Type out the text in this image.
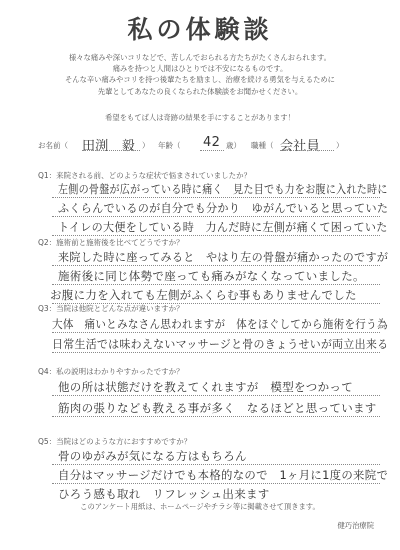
私の体験談
様々な痛みや深いコリなどで、苦しんでおられる方たちがたくさんおられます。
痛みを持つと人間はひとりでは不安になるものです。
そんな辛い痛みやコリを持つ後輩たちを励まし、治療を続ける勇気を与えるために
先輩としてあなたの良くなられた体験談をお聞かせください。
希望をもてば人は奇跡の結果を手にすることがあります！
お名前（ 田渕　毅 ） 年齢（ 42 歳） 職種（ 会社員 ）
Q1：来院される前、どのような症状で悩まされていましたか？
左側の骨盤が広がっている時に痛く　見た目でも力をお腹に入れた時に
ふくらんでいるのが自分でも分かり　ゆがんでいると思っていた
トイレの大便をしている時　力んだ時に左側が痛くて困っていた
Q2：施術前と施術後を比べてどうですか？
来院した時に座ってみると　やはり左の骨盤が痛かったのですが
施術後に同じ体勢で座っても痛みがなくなっていました。
お腹に力を入れても左側がふくらむ事もありませんでした
Q3：当院は他院とどんな点が違いますか？
大体　痛いとみなさん思われますが　体をほぐしてから施術を行う為
日常生活では味わえないマッサージと骨のきょうせいが両立出来る
Q4：私の説明はわかりやすかったですか？
他の所は状態だけを教えてくれますが　模型をつかって
筋肉の張りなども教える事が多く　なるほどと思っています
Q5：当院はどのような方におすすめですか？
骨のゆがみが気になる方はもちろん
自分はマッサージだけでも本格的なので　1ヶ月に1度の来院で
ひろう感も取れ　リフレッシュ出来ます
このアンケート用紙は、ホームページやチラシ等に掲載させて頂きます。
健巧治療院
